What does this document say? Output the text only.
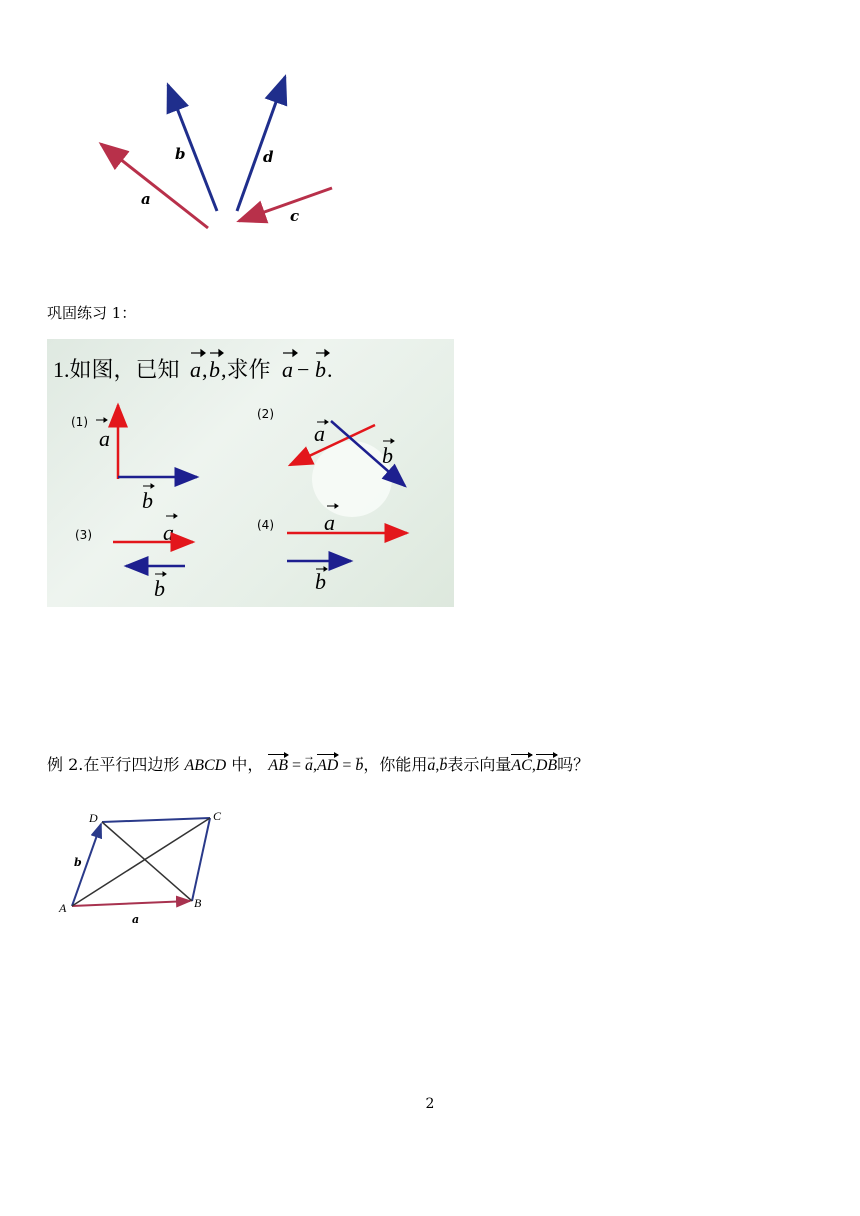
a
b	d
c
巩固练习 1：
1.如图，已知 a , b ,求作 a − b .
(1)
a
b
(2)
a
b
(3)	a
b
(4) a
b
例 2.在平行四边形 ABCD 中， AB = → a,AD = → b，你能用→ a,→ b表示向量AC,DB吗？
A	B
C
D
a
b
2
